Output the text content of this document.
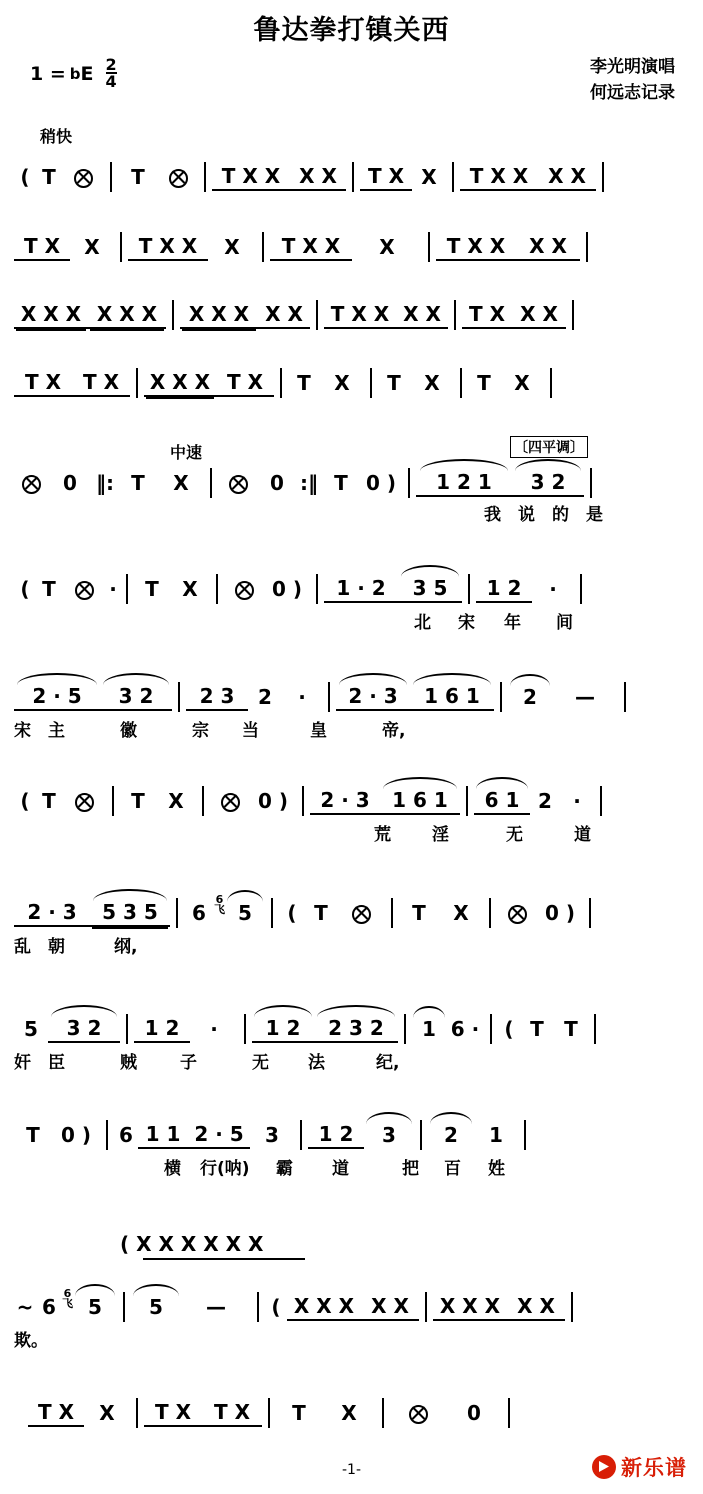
鲁达拳打镇关西
李光明演唱
何远志记录
1 = b E $\frac{2}{4}$
稍快
( T	T	T X X X X	T X X	T X X X X
T X	X	T X X	X	T X X	X	T X X	X X
X X X X X X	X X X X X	T X X X X	T X X X
T X	T X	X X X T X	T	X	T	X	T	X
中速	〔四平调〕
0 ‖: T	X	0 :‖ T 0 )	1 2 1	3 2
我	说	的	是
( T	·	T	X	0 )	1 · 2	3 5	1 2	·
北	宋	年	间
2 · 5	3 2	2 3	2	·	2 · 3	1 6 1	2	—
宋	主	徽	宗	当	皇	帝,
( T	T	X	0 )	2 · 3	1 6 1	6 1 2	·
荒	淫	无	道
2 · 3	5 3 5	6
6
飞 5	( T	T	X	0 )
乱	朝	纲,
5	3 2	1 2	·	1 2	2 3 2	1 6 ·	( T	T
奸	臣	贼	子	无	法	纪,
T	0 )	6 1 1 2 · 5	3	1 2	3	2	1
横	行(呐)	霸	道	把	百	姓
( X X X X X X
~ 6
6
飞 5	5	—	( X X X X X	X X X X X
欺。
T X	X	T X	T X	T	X	0
-1-	新乐谱
